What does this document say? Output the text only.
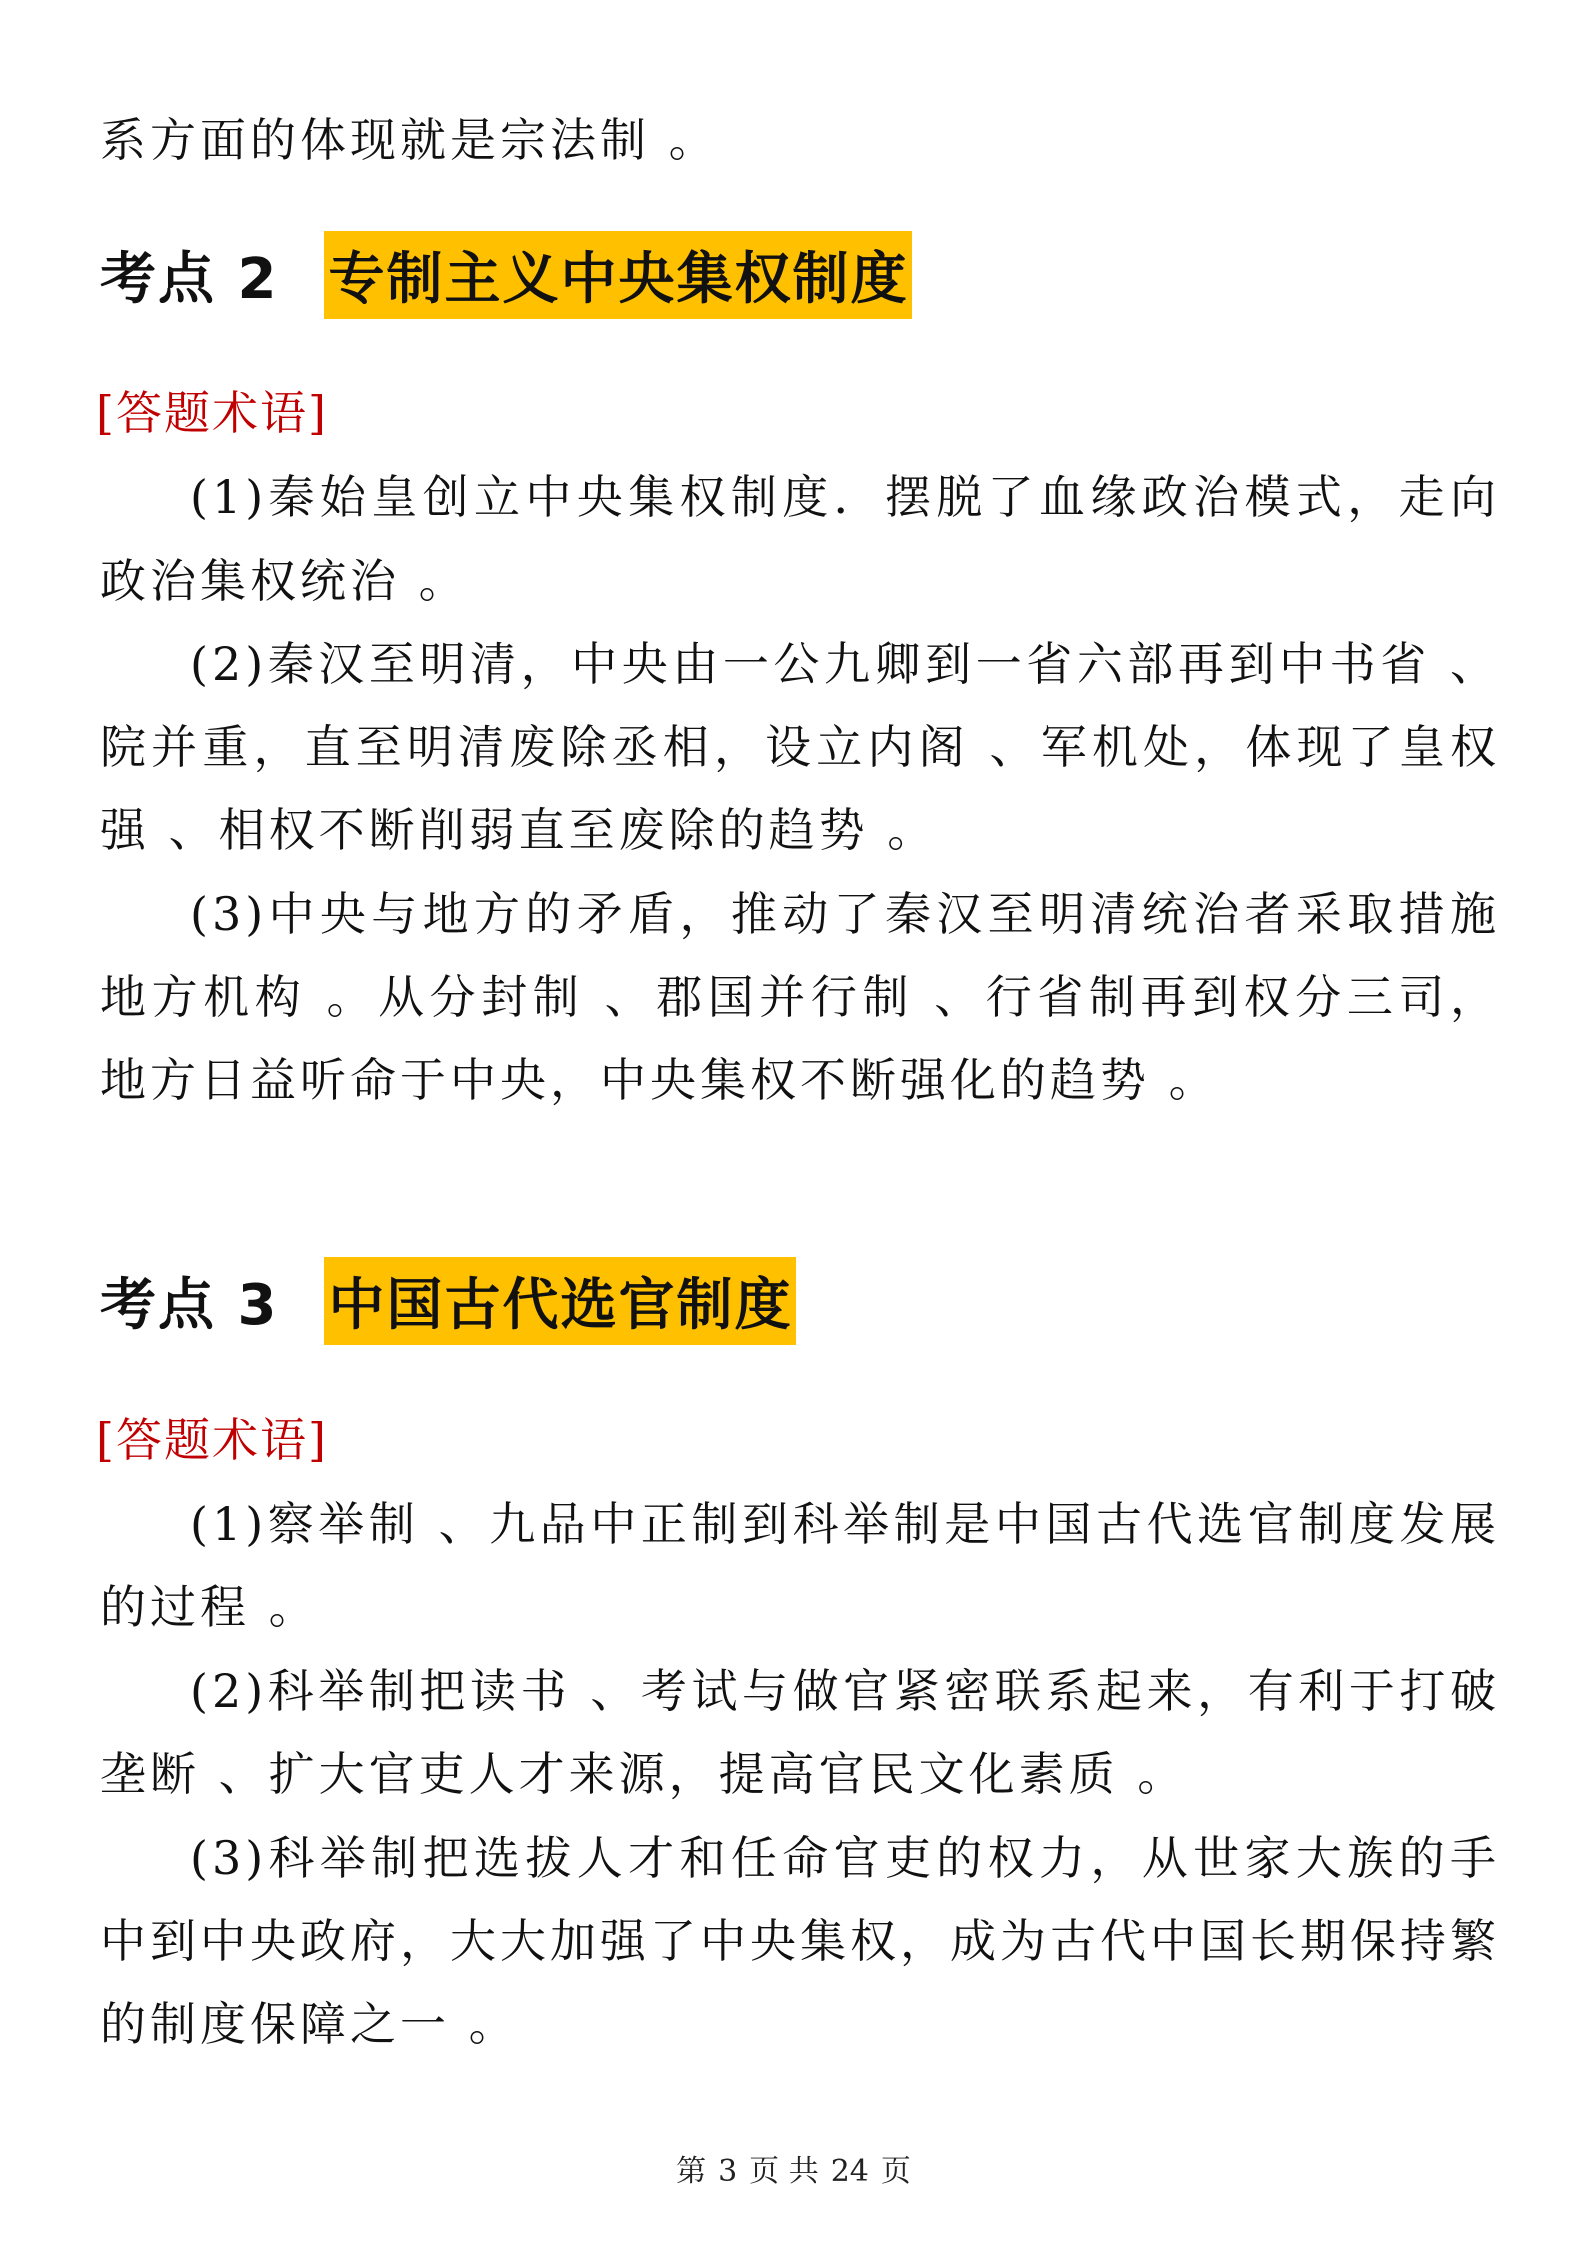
系方面的体现就是宗法制 。
考点 2 专制主义中央集权制度
[答题术语]
(1)秦始皇创立中央集权制度．摆脱了血缘政治模式，走向
政治集权统治 。
(2)秦汉至明清，中央由一公九卿到一省六部再到中书省 、
院并重，直至明清废除丞相，设立内阁 、军机处，体现了皇权
强 、相权不断削弱直至废除的趋势 。
(3)中央与地方的矛盾，推动了秦汉至明清统治者采取措施
地方机构 。从分封制 、郡国并行制 、行省制再到权分三司，
地方日益听命于中央，中央集权不断强化的趋势 。
考点 3 中国古代选官制度
[答题术语]
(1)察举制 、九品中正制到科举制是中国古代选官制度发展
的过程 。
(2)科举制把读书 、考试与做官紧密联系起来，有利于打破
垄断 、扩大官吏人才来源，提高官民文化素质 。
(3)科举制把选拔人才和任命官吏的权力，从世家大族的手
中到中央政府，大大加强了中央集权，成为古代中国长期保持繁
的制度保障之一 。
第 3 页 共 24 页
